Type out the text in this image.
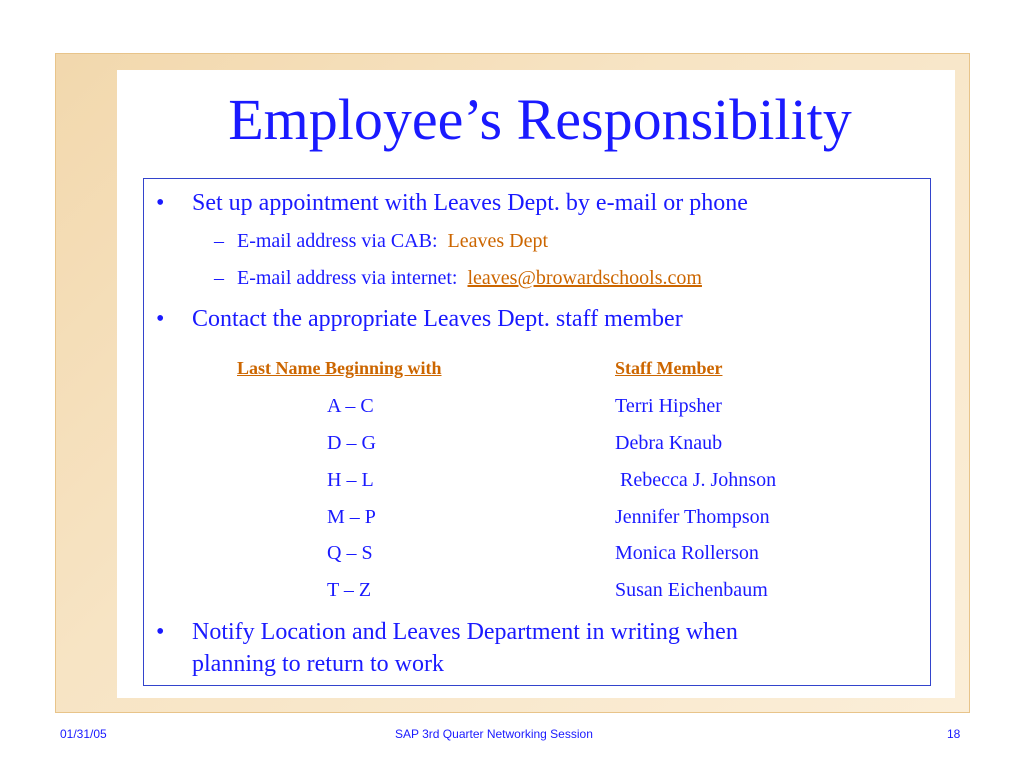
Employee’s Responsibility
• Set up appointment with Leaves Dept. by e-mail or phone
– E-mail address via CAB: Leaves Dept
– E-mail address via internet: leaves@browardschools.com
• Contact the appropriate Leaves Dept. staff member
Last Name Beginning with	Staff Member
A – C	Terri Hipsher
D – G	Debra Knaub
H – L	Rebecca J. Johnson
M – P	Jennifer Thompson
Q – S	Monica Rollerson
T – Z	Susan Eichenbaum
• Notify Location and Leaves Department in writing when
planning to return to work
01/31/05	SAP 3rd Quarter Networking Session	18
